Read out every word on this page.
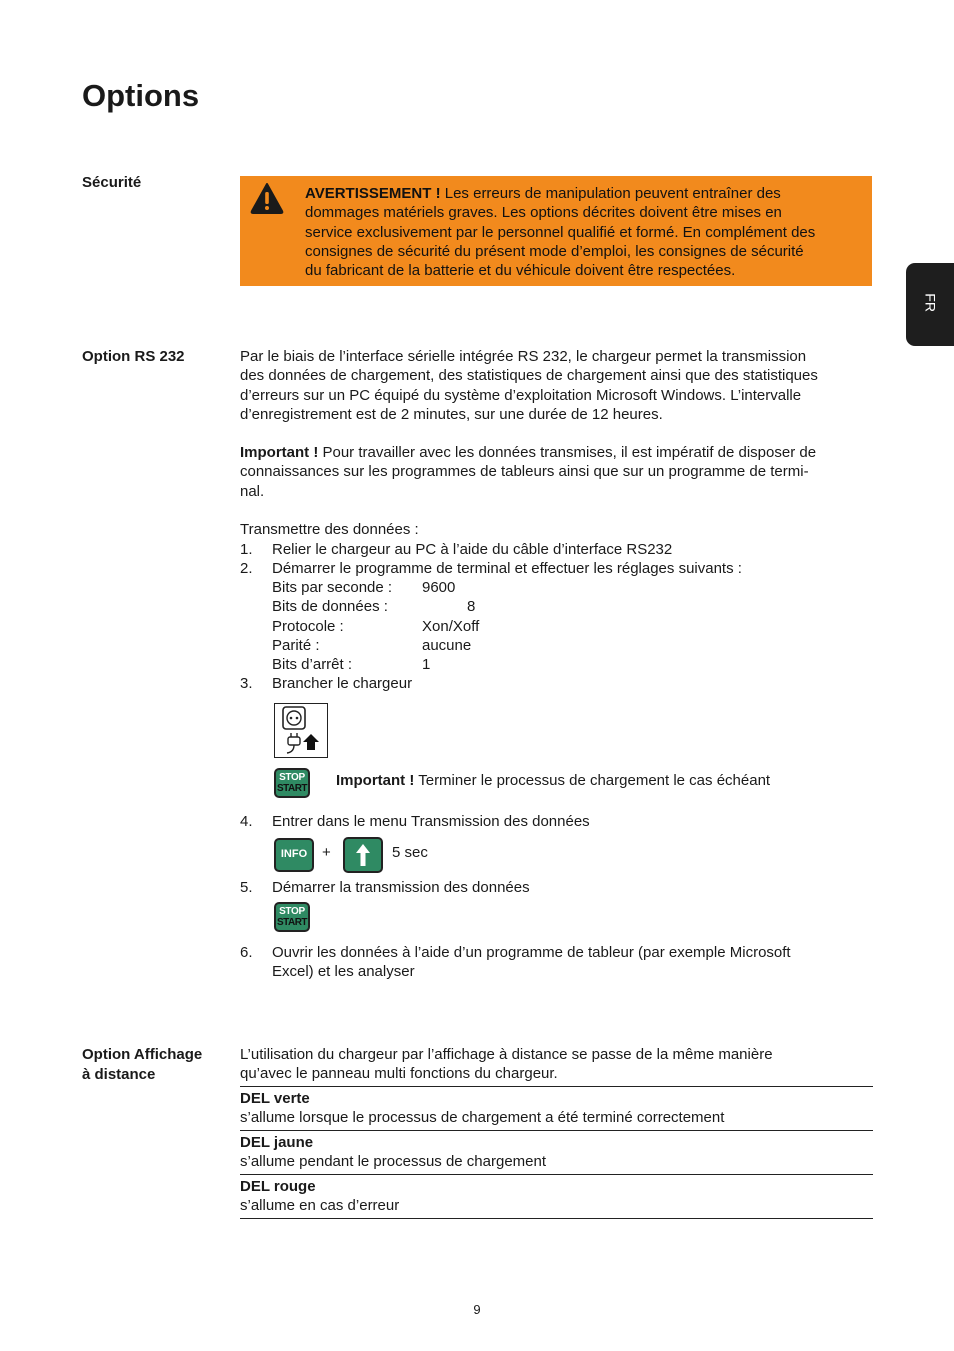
Options
FR
Sécurité
AVERTISSEMENT ! Les erreurs de manipulation peuvent entraîner des
dommages matériels graves. Les options décrites doivent être mises en
service exclusivement par le personnel qualifié et formé. En complément des
consignes de sécurité du présent mode d’emploi, les consignes de sécurité
du fabricant de la batterie et du véhicule doivent être respectées.
Option RS 232	Par le biais de l’interface sérielle intégrée RS 232, le chargeur permet la transmission
des données de chargement, des statistiques de chargement ainsi que des statistiques
d’erreurs sur un PC équipé du système d’exploitation Microsoft Windows. L’intervalle
d’enregistrement est de 2 minutes, sur une durée de 12 heures.
Important ! Pour travailler avec les données transmises, il est impératif de disposer de
connaissances sur les programmes de tableurs ainsi que sur un programme de termi-
nal.
Transmettre des données :
1. Relier le chargeur au PC à l’aide du câble d’interface RS232
2. Démarrer le programme de terminal et effectuer les réglages suivants :
Bits par seconde : 9600
Bits de données :	8
Protocole :	Xon/Xoff
Parité :	aucune
Bits d’arrêt :	1
3. Brancher le chargeur
STOP
START Important ! Terminer le processus de chargement le cas échéant
4. Entrer dans le menu Transmission des données
INFO +	5 sec
5. Démarrer la transmission des données
STOP
START
6. Ouvrir les données à l’aide d’un programme de tableur (par exemple Microsoft
Excel) et les analyser
Option Affichage
à distance
L’utilisation du chargeur par l’affichage à distance se passe de la même manière
qu’avec le panneau multi fonctions du chargeur.
DEL verte
s’allume lorsque le processus de chargement a été terminé correctement
DEL jaune
s’allume pendant le processus de chargement
DEL rouge
s’allume en cas d’erreur
9
